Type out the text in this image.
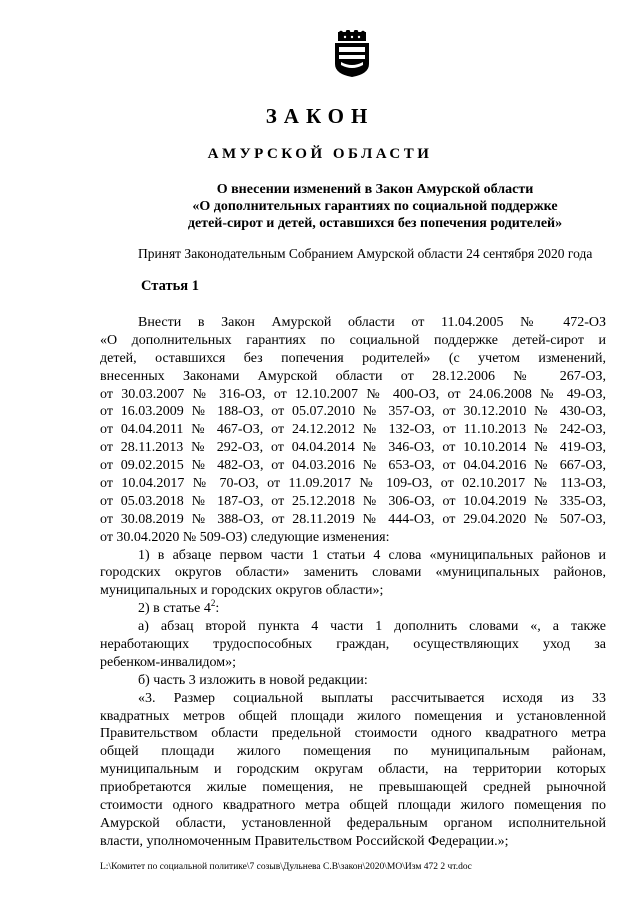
ЗАКОН
АМУРСКОЙ ОБЛАСТИ
О внесении изменений в Закон Амурской области
«О дополнительных гарантиях по социальной поддержке
детей-сирот и детей, оставшихся без попечения родителей»
Принят Законодательным Собранием Амурской области 24 сентября 2020 года
Статья 1
Внести в Закон Амурской области от 11.04.2005 № 472-ОЗ
«О дополнительных гарантиях по социальной поддержке детей-сирот и
детей, оставшихся без попечения родителей» (с учетом изменений,
внесенных Законами Амурской области от 28.12.2006 № 267-ОЗ,
от 30.03.2007 № 316-ОЗ, от 12.10.2007 № 400-ОЗ, от 24.06.2008 № 49-ОЗ,
от 16.03.2009 № 188-ОЗ, от 05.07.2010 № 357-ОЗ, от 30.12.2010 № 430-ОЗ,
от 04.04.2011 № 467-ОЗ, от 24.12.2012 № 132-ОЗ, от 11.10.2013 № 242-ОЗ,
от 28.11.2013 № 292-ОЗ, от 04.04.2014 № 346-ОЗ, от 10.10.2014 № 419-ОЗ,
от 09.02.2015 № 482-ОЗ, от 04.03.2016 № 653-ОЗ, от 04.04.2016 № 667-ОЗ,
от 10.04.2017 № 70-ОЗ, от 11.09.2017 № 109-ОЗ, от 02.10.2017 № 113-ОЗ,
от 05.03.2018 № 187-ОЗ, от 25.12.2018 № 306-ОЗ, от 10.04.2019 № 335-ОЗ,
от 30.08.2019 № 388-ОЗ, от 28.11.2019 № 444-ОЗ, от 29.04.2020 № 507-ОЗ,
от 30.04.2020 № 509-ОЗ) следующие изменения:
1) в абзаце первом части 1 статьи 4 слова «муниципальных районов и
городских округов области» заменить словами «муниципальных районов,
муниципальных и городских округов области»;
2) в статье $4^2$:
а) абзац второй пункта 4 части 1 дополнить словами «, а также
неработающих трудоспособных граждан, осуществляющих уход за
ребенком-инвалидом»;
б) часть 3 изложить в новой редакции:
«3. Размер социальной выплаты рассчитывается исходя из 33
квадратных метров общей площади жилого помещения и установленной
Правительством области предельной стоимости одного квадратного метра
общей площади жилого помещения по муниципальным районам,
муниципальным и городским округам области, на территории которых
приобретаются жилые помещения, не превышающей средней рыночной
стоимости одного квадратного метра общей площади жилого помещения по
Амурской области, установленной федеральным органом исполнительной
власти, уполномоченным Правительством Российской Федерации.»;
L:\Комитет по социальной политике\7 созыв\Дульнева С.В\закон\2020\МО\Изм 472 2 чт.doc
